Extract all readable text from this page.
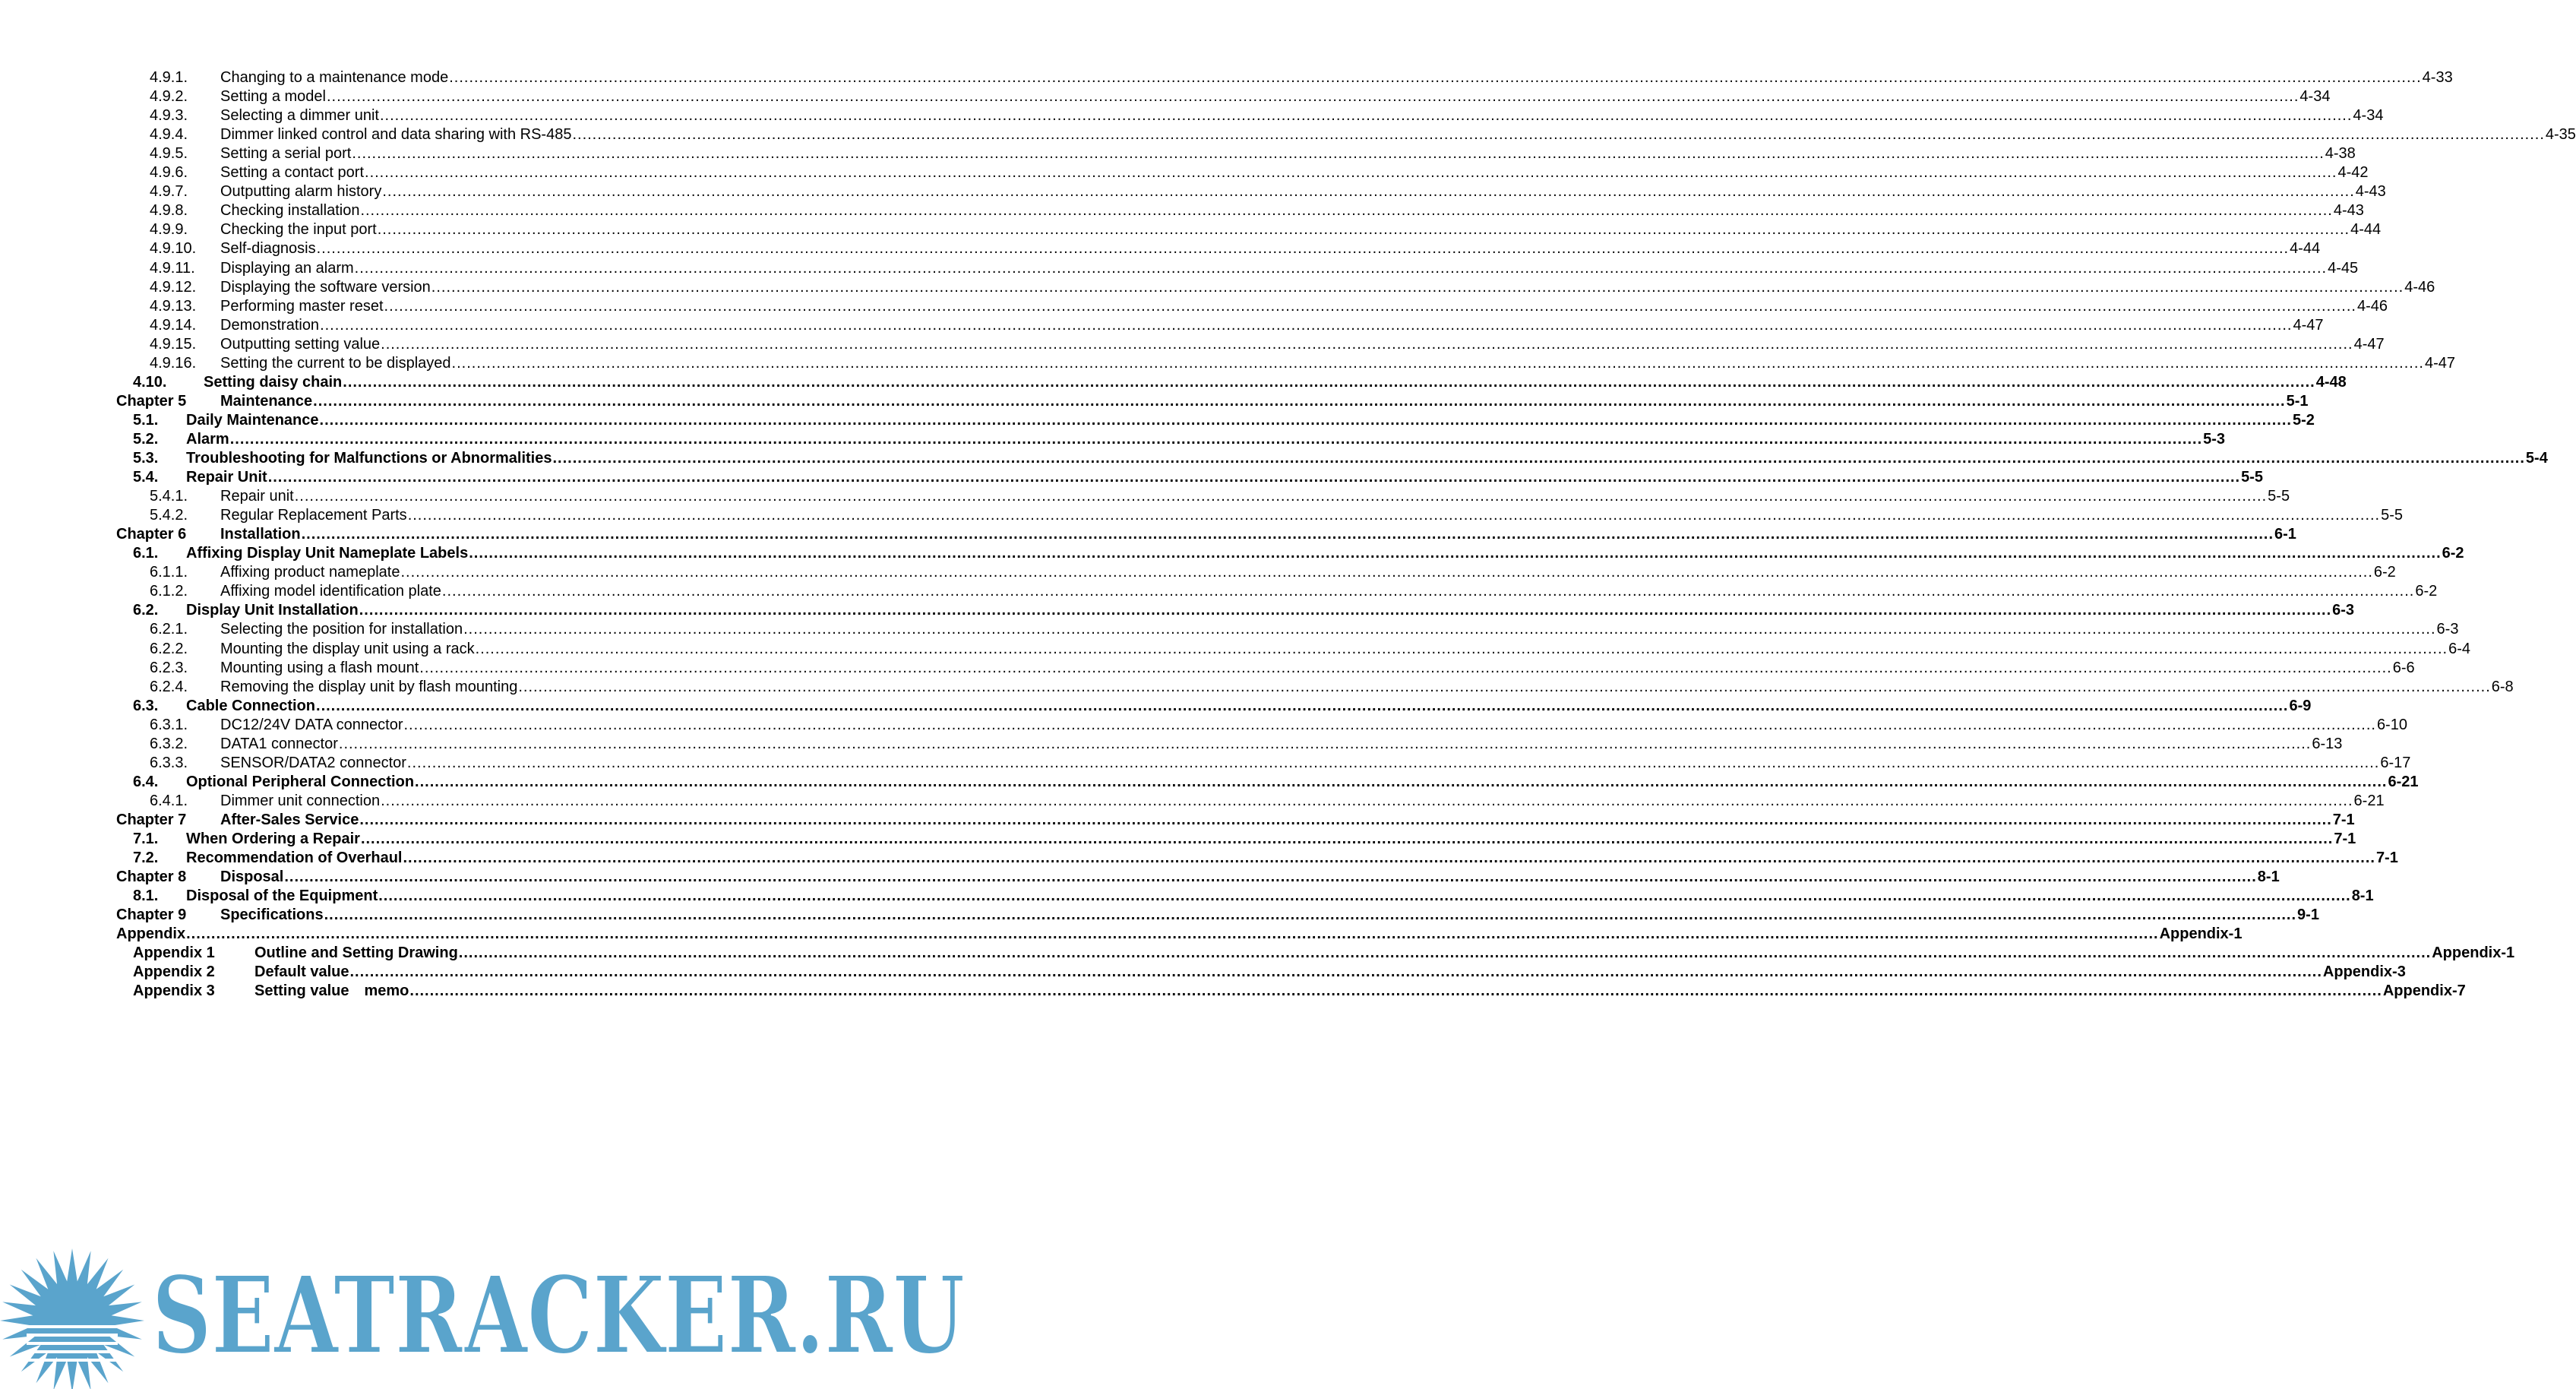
4.9.1. Changing to a maintenance mode .....	4-33
4.9.2. Setting a model .....	4-34
4.9.3. Selecting a dimmer unit .....	4-34
4.9.4. Dimmer linked control and data sharing with RS-485 .....	4-35
4.9.5. Setting a serial port .....	4-38
4.9.6. Setting a contact port .....	4-42
4.9.7. Outputting alarm history .....	4-43
4.9.8. Checking installation .....	4-43
4.9.9. Checking the input port .....	4-44
4.9.10. Self-diagnosis .....	4-44
4.9.11. Displaying an alarm .....	4-45
4.9.12. Displaying the software version .....	4-46
4.9.13. Performing master reset .....	4-46
4.9.14. Demonstration .....	4-47
4.9.15. Outputting setting value .....	4-47
4.9.16. Setting the current to be displayed .....	4-47
4.10. Setting daisy chain .....	4-48
Chapter 5 Maintenance .....	5-1
5.1. Daily Maintenance .....	5-2
5.2. Alarm .....	5-3
5.3. Troubleshooting for Malfunctions or Abnormalities .....	5-4
5.4. Repair Unit .....	5-5
5.4.1. Repair unit .....	5-5
5.4.2. Regular Replacement Parts .....	5-5
Chapter 6 Installation .....	6-1
6.1. Affixing Display Unit Nameplate Labels .....	6-2
6.1.1. Affixing product nameplate .....	6-2
6.1.2. Affixing model identification plate .....	6-2
6.2. Display Unit Installation .....	6-3
6.2.1. Selecting the position for installation .....	6-3
6.2.2. Mounting the display unit using a rack .....	6-4
6.2.3. Mounting using a flash mount .....	6-6
6.2.4. Removing the display unit by flash mounting .....	6-8
6.3. Cable Connection .....	6-9
6.3.1. DC12/24V DATA connector .....	6-10
6.3.2. DATA1 connector .....	6-13
6.3.3. SENSOR/DATA2 connector .....	6-17
6.4. Optional Peripheral Connection .....	6-21
6.4.1. Dimmer unit connection .....	6-21
Chapter 7 After-Sales Service .....	7-1
7.1. When Ordering a Repair .....	7-1
7.2. Recommendation of Overhaul .....	7-1
Chapter 8 Disposal .....	8-1
8.1. Disposal of the Equipment .....	8-1
Chapter 9 Specifications .....	9-1
Appendix .....	Appendix-1
Appendix 1	Outline and Setting Drawing .....	Appendix-1
Appendix 2	Default value .....	Appendix-3
Appendix 3	Setting value　memo .....	Appendix-7
SEATRACKER.RU
